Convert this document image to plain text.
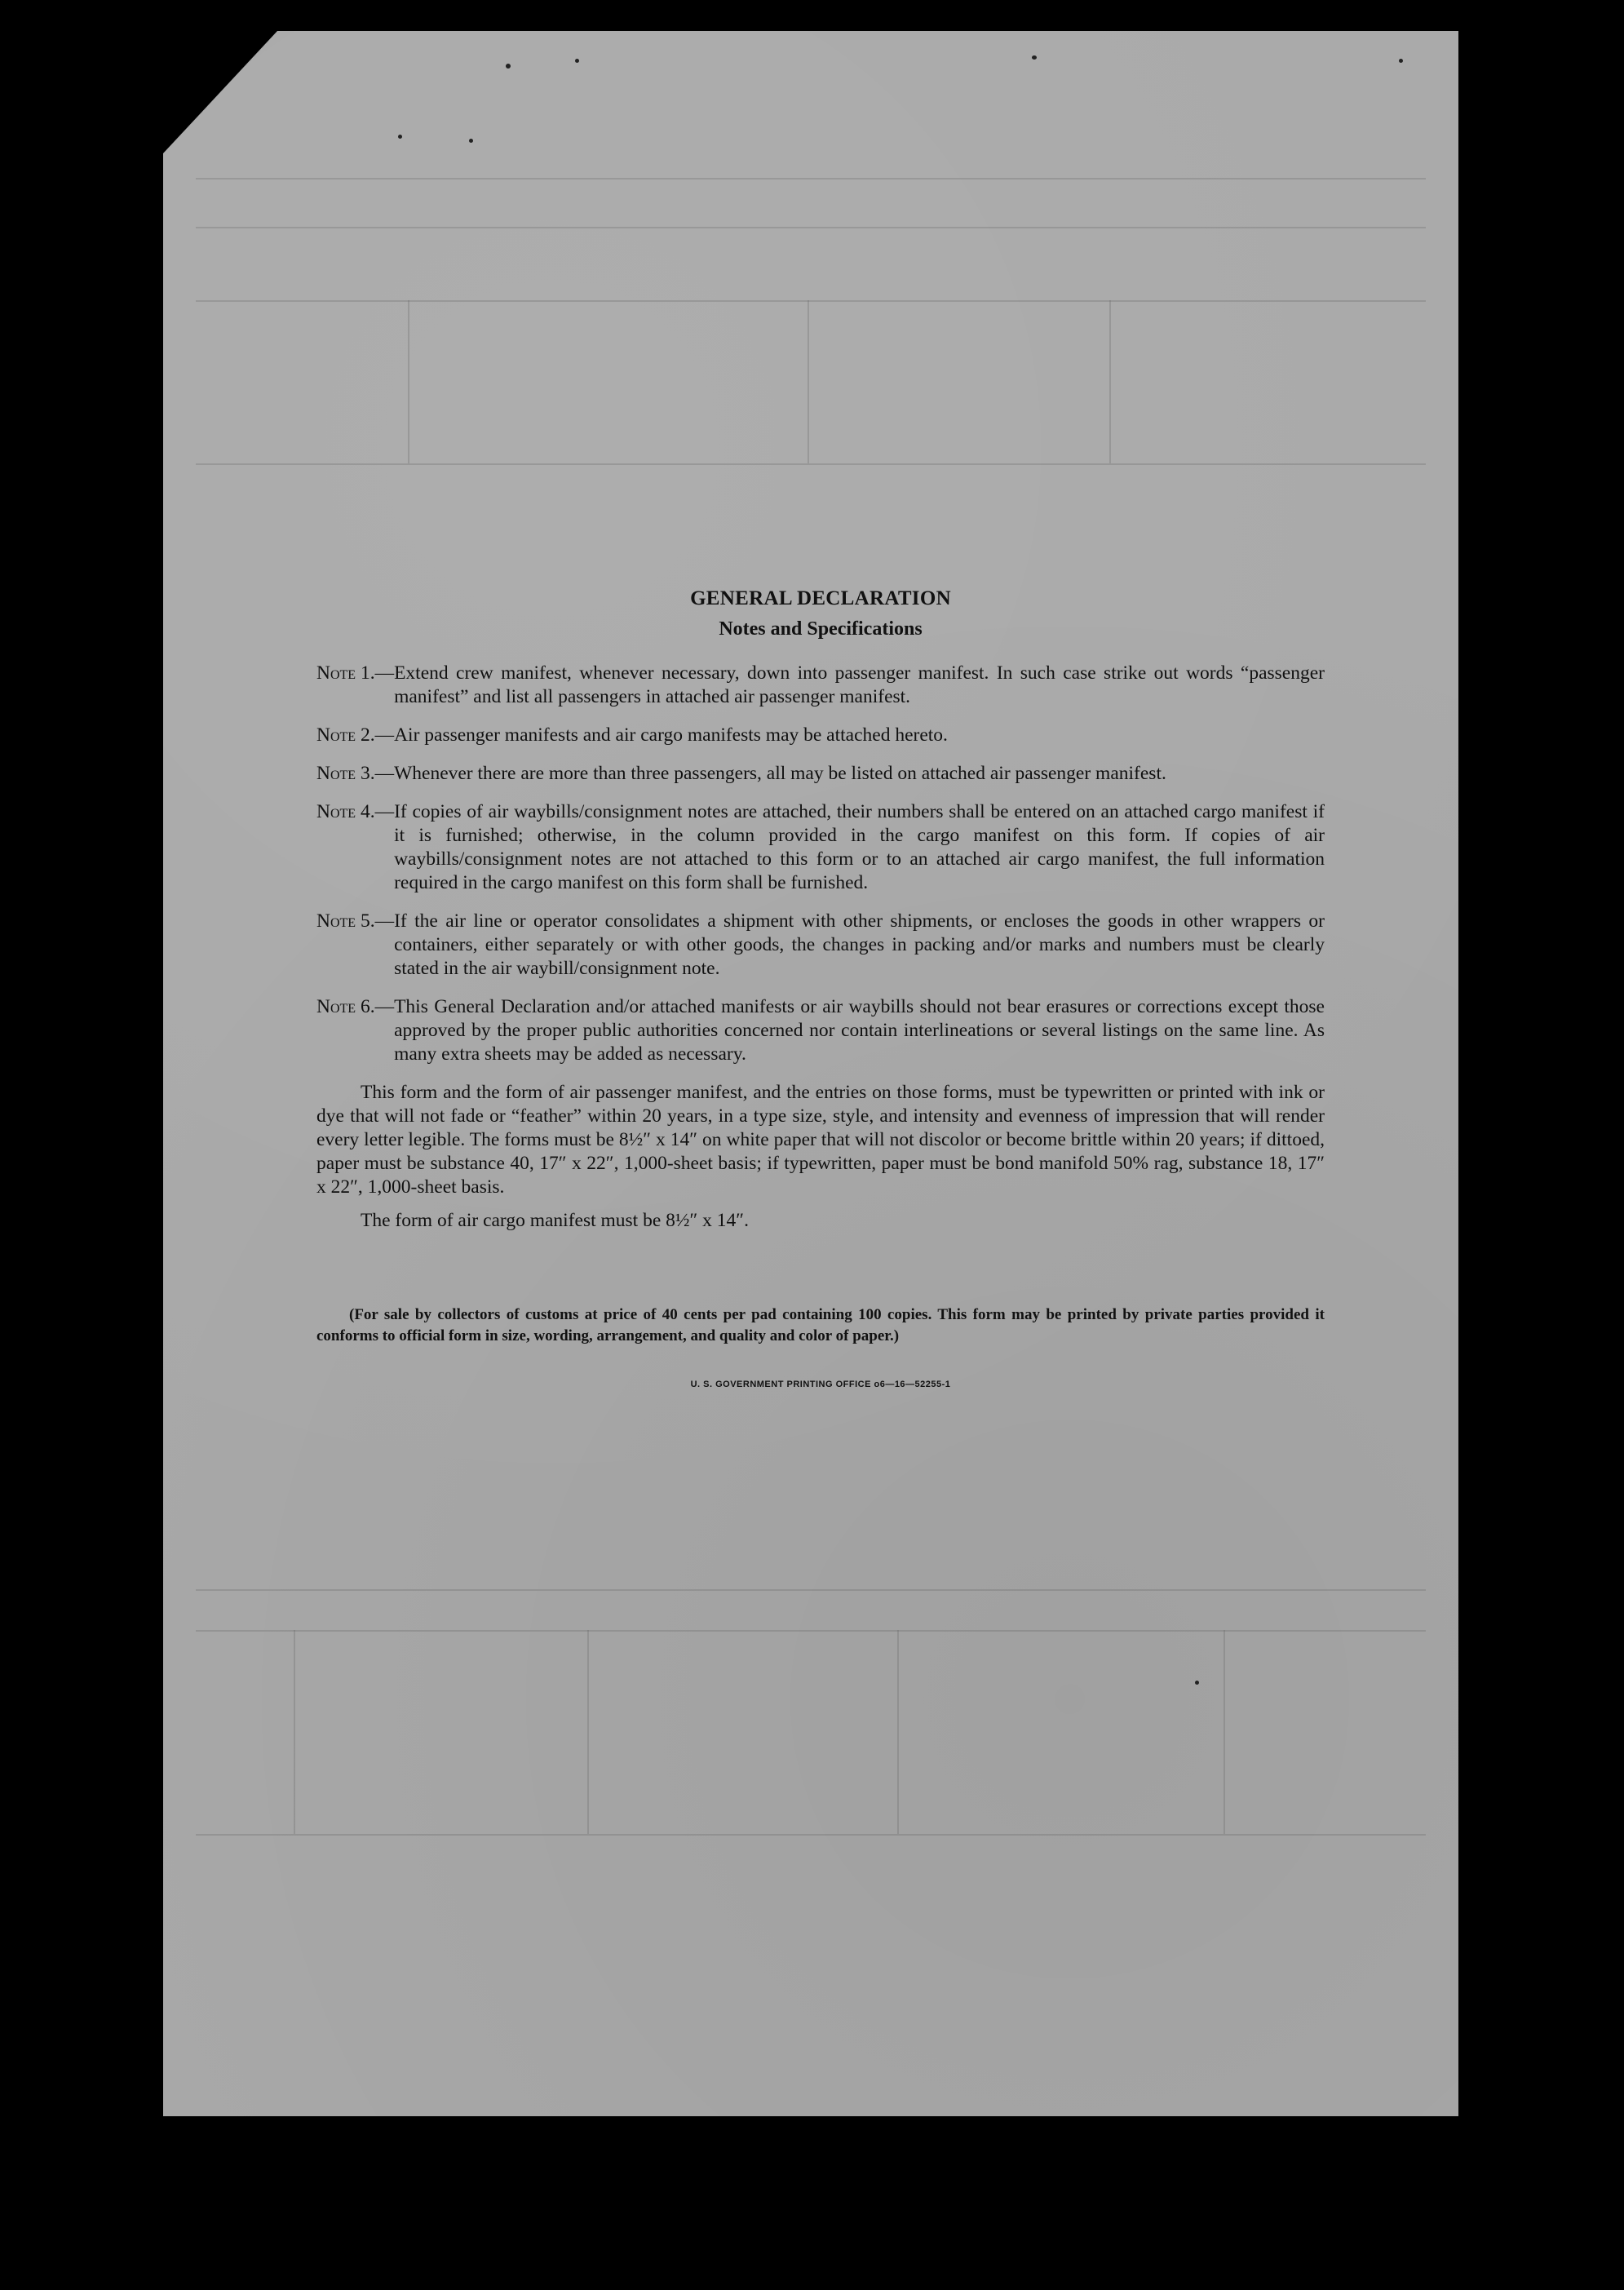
GENERAL DECLARATION
Notes and Specifications
Note 1.— Extend crew manifest, whenever necessary, down into passenger manifest. In such case strike out words “passenger manifest” and list all passengers in attached air passenger manifest.
Note 2.— Air passenger manifests and air cargo manifests may be attached hereto.
Note 3.— Whenever there are more than three passengers, all may be listed on attached air passenger manifest.
Note 4.— If copies of air waybills/consignment notes are attached, their numbers shall be entered on an attached cargo manifest if it is furnished; otherwise, in the column provided in the cargo manifest on this form. If copies of air waybills/consignment notes are not attached to this form or to an attached air cargo manifest, the full information required in the cargo manifest on this form shall be furnished.
Note 5.— If the air line or operator consolidates a shipment with other shipments, or encloses the goods in other wrappers or containers, either separately or with other goods, the changes in packing and/or marks and numbers must be clearly stated in the air waybill/consignment note.
Note 6.— This General Declaration and/or attached manifests or air waybills should not bear erasures or corrections except those approved by the proper public authorities concerned nor contain interlineations or several listings on the same line. As many extra sheets may be added as necessary.

This form and the form of air passenger manifest, and the entries on those forms, must be typewritten or printed with ink or dye that will not fade or “feather” within 20 years, in a type size, style, and intensity and evenness of impression that will render every letter legible. The forms must be 8½″ x 14″ on white paper that will not discolor or become brittle within 20 years; if dittoed, paper must be substance 40, 17″ x 22″, 1,000-sheet basis; if typewritten, paper must be bond manifold 50% rag, substance 18, 17″ x 22″, 1,000-sheet basis.

The form of air cargo manifest must be 8½″ x 14″.

(For sale by collectors of customs at price of 40 cents per pad containing 100 copies. This form may be printed by private parties provided it conforms to official form in size, wording, arrangement, and quality and color of paper.)

U. S. GOVERNMENT PRINTING OFFICE o6—16—52255-1
